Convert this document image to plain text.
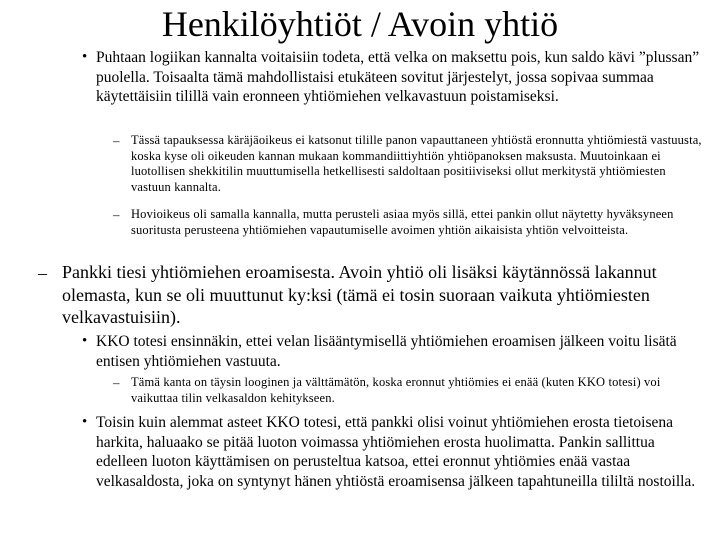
Henkilöyhtiöt / Avoin yhtiö
• Puhtaan logiikan kannalta voitaisiin todeta, että velka on maksettu pois, kun saldo kävi ”plussan” puolella. Toisaalta tämä mahdollistaisi etukäteen sovitut järjestelyt, jossa sopivaa summaa käytettäisiin tilillä vain eronneen yhtiömiehen velkavastuun poistamiseksi.

– Tässä tapauksessa käräjäoikeus ei katsonut tilille panon vapauttaneen yhtiöstä eronnutta yhtiömiestä vastuusta, koska kyse oli oikeuden kannan mukaan kommandiittiyhtiön yhtiöpanoksen maksusta. Muutoinkaan ei luotollisen shekkitilin muuttumisella hetkellisesti saldoltaan positiiviseksi ollut merkitystä yhtiömiesten vastuun kannalta.

– Hovioikeus oli samalla kannalla, mutta perusteli asiaa myös sillä, ettei pankin ollut näytetty hyväksyneen suoritusta perusteena yhtiömiehen vapautumiselle avoimen yhtiön aikaisista yhtiön velvoitteista.

– Pankki tiesi yhtiömiehen eroamisesta. Avoin yhtiö oli lisäksi käytännössä lakannut olemasta, kun se oli muuttunut ky:ksi (tämä ei tosin suoraan vaikuta yhtiömiesten velkavastuisiin).

• KKO totesi ensinnäkin, ettei velan lisääntymisellä yhtiömiehen eroamisen jälkeen voitu lisätä entisen yhtiömiehen vastuuta.

– Tämä kanta on täysin looginen ja välttämätön, koska eronnut yhtiömies ei enää (kuten KKO totesi) voi vaikuttaa tilin velkasaldon kehitykseen.

• Toisin kuin alemmat asteet KKO totesi, että pankki olisi voinut yhtiömiehen erosta tietoisena harkita, haluaako se pitää luoton voimassa yhtiömiehen erosta huolimatta. Pankin sallittua edelleen luoton käyttämisen on perusteltua katsoa, ettei eronnut yhtiömies enää vastaa velkasaldosta, joka on syntynyt hänen yhtiöstä eroamisensa jälkeen tapahtuneilla tililtä nostoilla.
